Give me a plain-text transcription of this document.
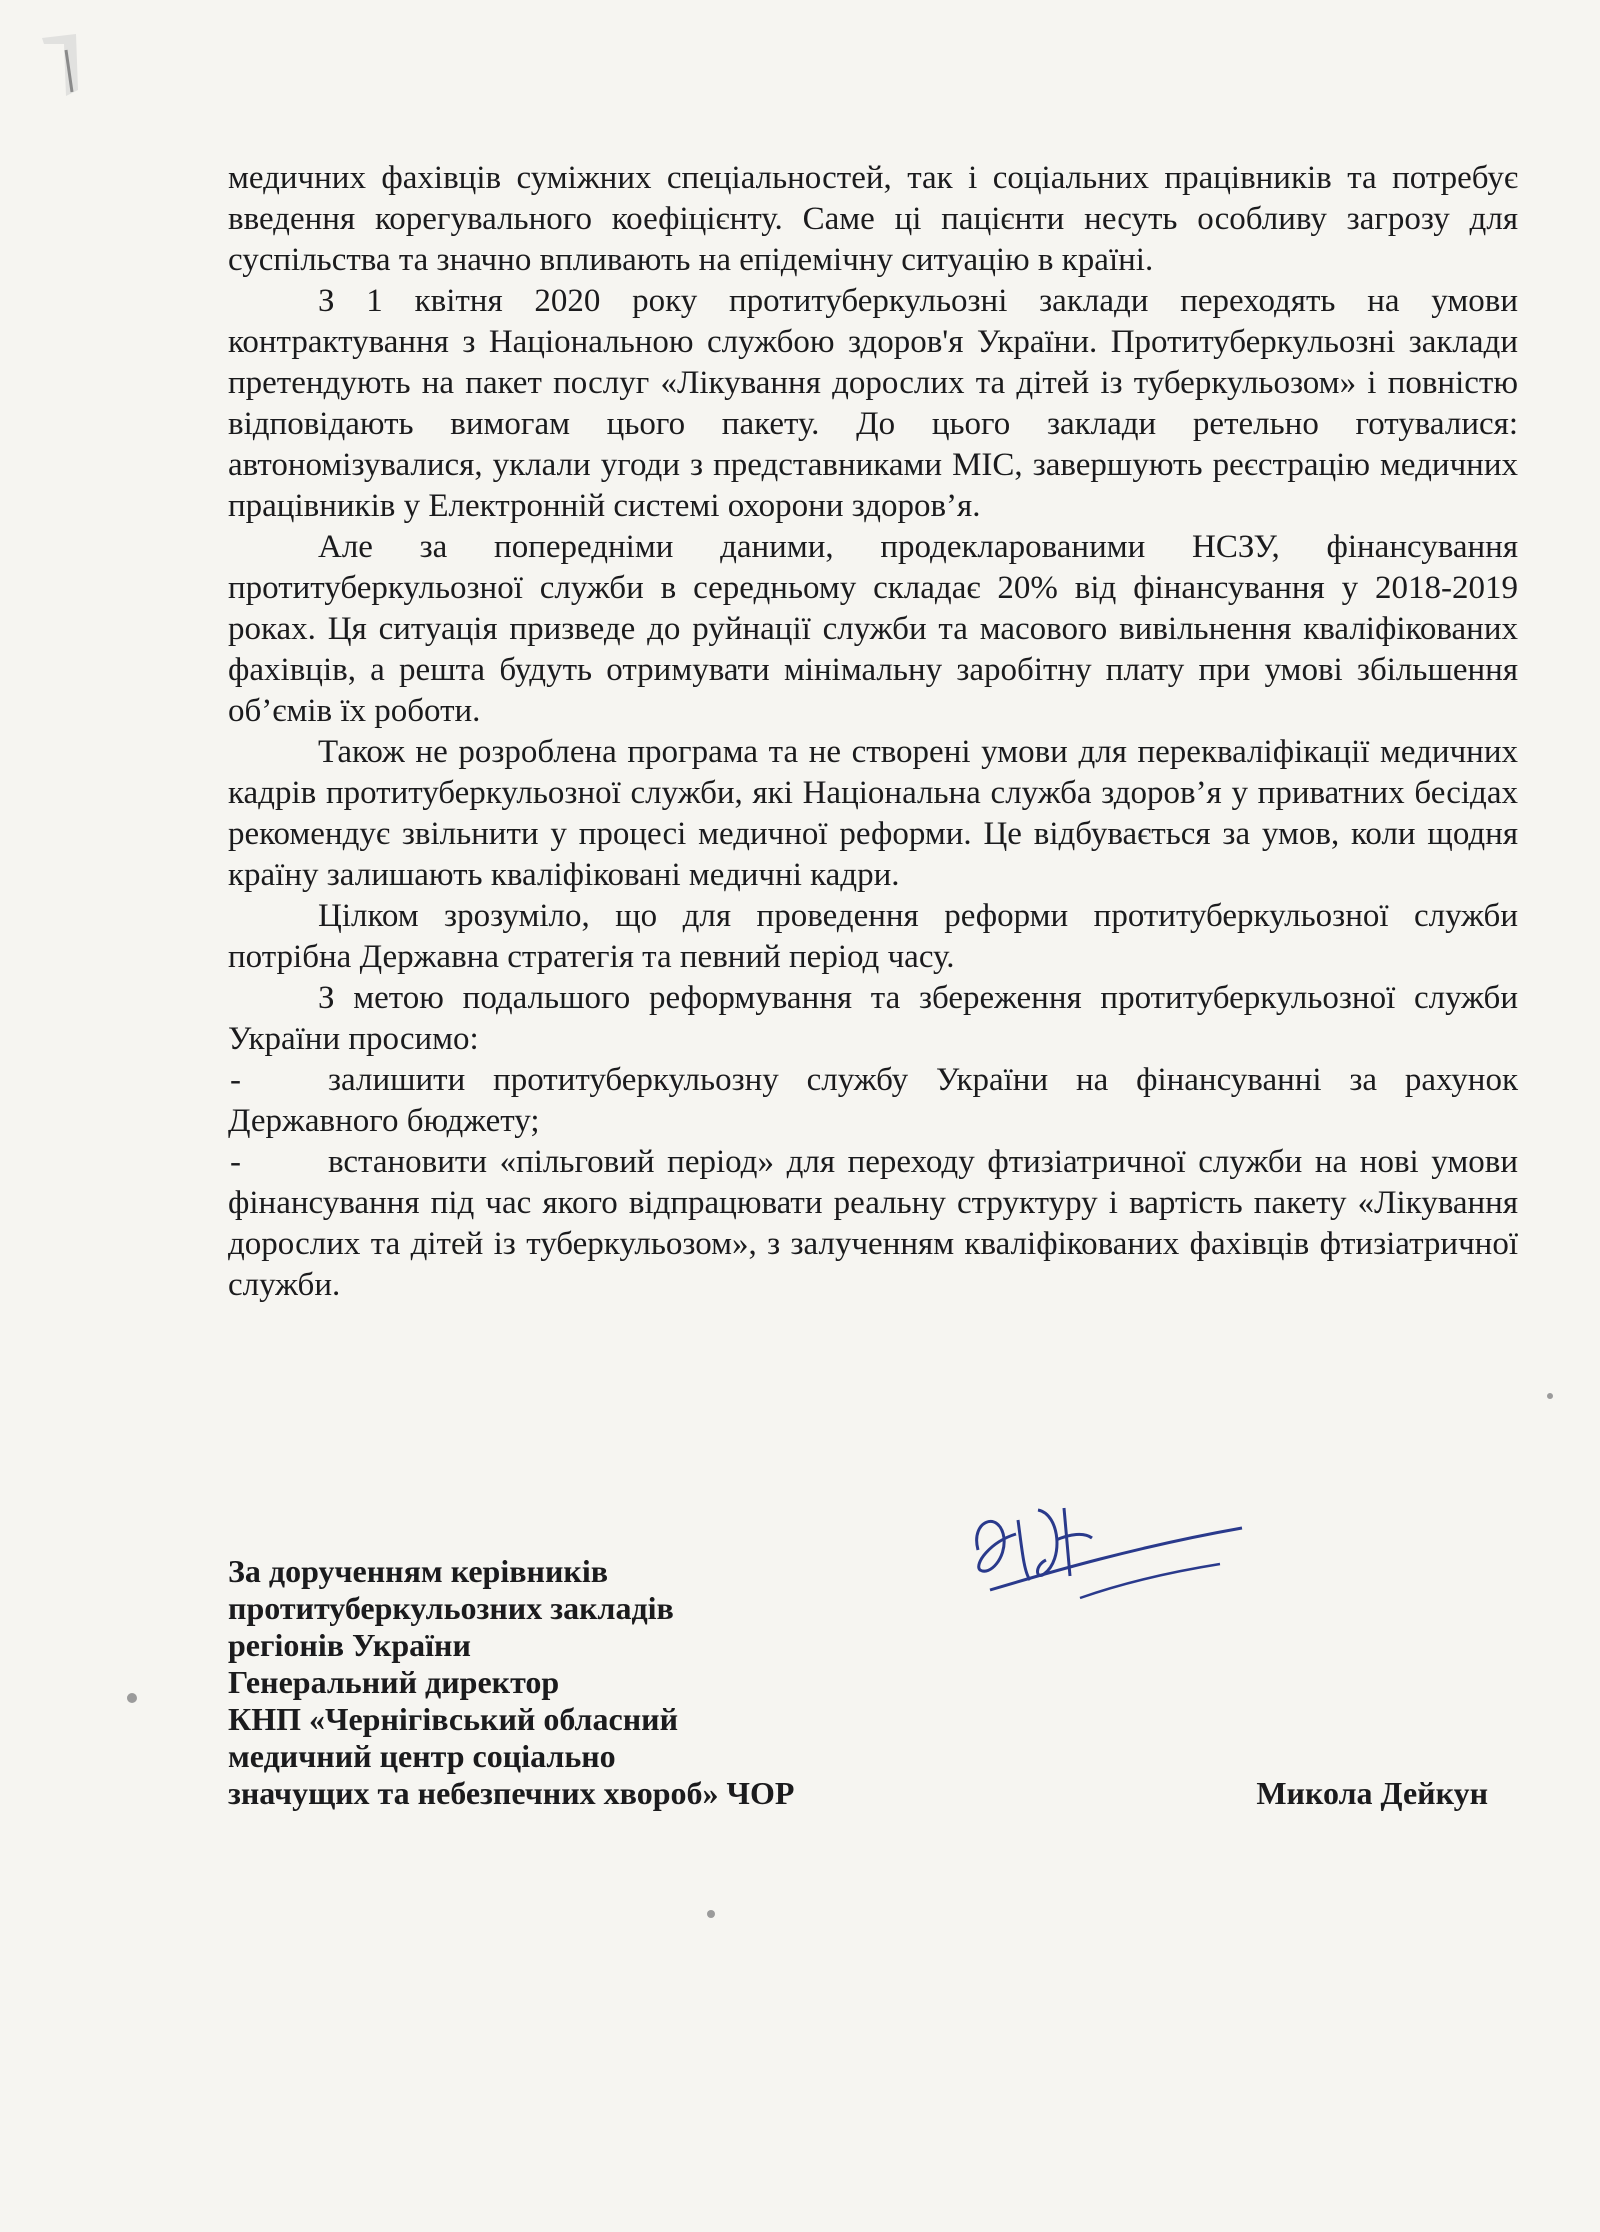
медичних фахівців суміжних спеціальностей, так і соціальних працівників та потребує введення корегувального коефіцієнту. Саме ці пацієнти несуть особливу загрозу для суспільства та значно впливають на епідемічну ситуацію в країні.

З 1 квітня 2020 року протитуберкульозні заклади переходять на умови контрактування з Національною службою здоров'я України. Протитуберкульозні заклади претендують на пакет послуг «Лікування дорослих та дітей із туберкульозом» і повністю відповідають вимогам цього пакету. До цього заклади ретельно готувалися: автономізувалися, уклали угоди з представниками МІС, завершують реєстрацію медичних працівників у Електронній системі охорони здоров’я.

Але за попередніми даними, продекларованими НСЗУ, фінансування протитуберкульозної служби в середньому складає 20% від фінансування у 2018-2019 роках. Ця ситуація призведе до руйнації служби та масового вивільнення кваліфікованих фахівців, а решта будуть отримувати мінімальну заробітну плату при умові збільшення об’ємів їх роботи.

Також не розроблена програма та не створені умови для перекваліфікації медичних кадрів протитуберкульозної служби, які Національна служба здоров’я у приватних бесідах рекомендує звільнити у процесі медичної реформи. Це відбувається за умов, коли щодня країну залишають кваліфіковані медичні кадри.

Цілком зрозуміло, що для проведення реформи протитуберкульозної служби потрібна Державна стратегія та певний період часу.

З метою подальшого реформування та збереження протитуберкульозної служби України просимо:

-	залишити протитуберкульозну службу України на фінансуванні за рахунок Державного бюджету;
-	встановити «пільговий період» для переходу фтизіатричної служби на нові умови фінансування під час якого відпрацювати реальну структуру і вартість пакету «Лікування дорослих та дітей із туберкульозом», з залученням кваліфікованих фахівців фтизіатричної служби.

За дорученням керівників

протитуберкульозних закладів

регіонів України

Генеральний директор

КНП «Чернігівський обласний

медичний центр соціально

значущих та небезпечних хвороб» ЧОР	Микола Дейкун
